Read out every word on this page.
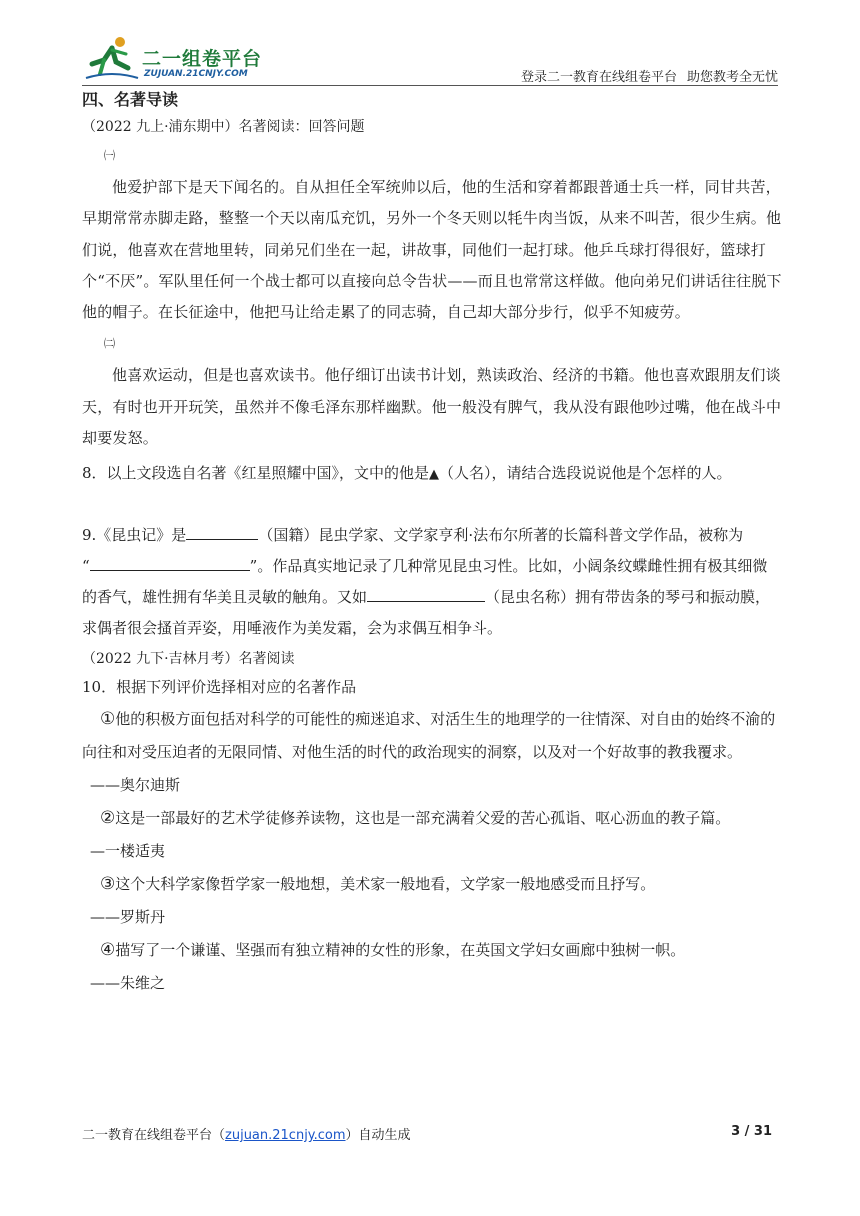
二一组卷平台
ZUJUAN.21CNJY.COM	登录二一教育在线组卷平台 助您教考全无忧

四、名著导读

（2022 九上·浦东期中）名著阅读：回答问题

㈠

他爱护部下是天下闻名的。自从担任全军统帅以后，他的生活和穿着都跟普通士兵一样，同甘共苦，早期常常赤脚走路，整整一个天以南瓜充饥，另外一个冬天则以牦牛肉当饭，从来不叫苦，很少生病。他们说，他喜欢在营地里转，同弟兄们坐在一起，讲故事，同他们一起打球。他乒乓球打得很好，篮球打个“不厌”。军队里任何一个战士都可以直接向总令告状——而且也常常这样做。他向弟兄们讲话往往脱下他的帽子。在长征途中，他把马让给走累了的同志骑，自己却大部分步行，似乎不知疲劳。

㈡

他喜欢运动，但是也喜欢读书。他仔细订出读书计划，熟读政治、经济的书籍。他也喜欢跟朋友们谈天，有时也开开玩笑，虽然并不像毛泽东那样幽默。他一般没有脾气，我从没有跟他吵过嘴，他在战斗中却要发怒。

8．以上文段选自名著《红星照耀中国》，文中的他是▲（人名），请结合选段说说他是个怎样的人。

9.《昆虫记》是	（国籍）昆虫学家、文学家亨利·法布尔所著的长篇科普文学作品，被称为
“	”。作品真实地记录了几种常见昆虫习性。比如，小阔条纹蝶雌性拥有极其细微的香气，雄性拥有华美且灵敏的触角。又如	（昆虫名称）拥有带齿条的琴弓和振动膜，求偶者很会搔首弄姿，用唾液作为美发霜，会为求偶互相争斗。

（2022 九下·吉林月考）名著阅读

10．根据下列评价选择相对应的名著作品

①他的积极方面包括对科学的可能性的痴迷追求、对活生生的地理学的一往情深、对自由的始终不渝的向往和对受压迫者的无限同情、对他生活的时代的政治现实的洞察，以及对一个好故事的教我覆求。

——奥尔迪斯

②这是一部最好的艺术学徒修养读物，这也是一部充满着父爱的苦心孤诣、呕心沥血的教子篇。

—一楼适夷

③这个大科学家像哲学家一般地想，美术家一般地看，文学家一般地感受而且抒写。

——罗斯丹

④描写了一个谦谨、坚强而有独立精神的女性的形象，在英国文学妇女画廊中独树一帜。

——朱维之

二一教育在线组卷平台（zujuan.21cnjy.com）自动生成	3 / 31
